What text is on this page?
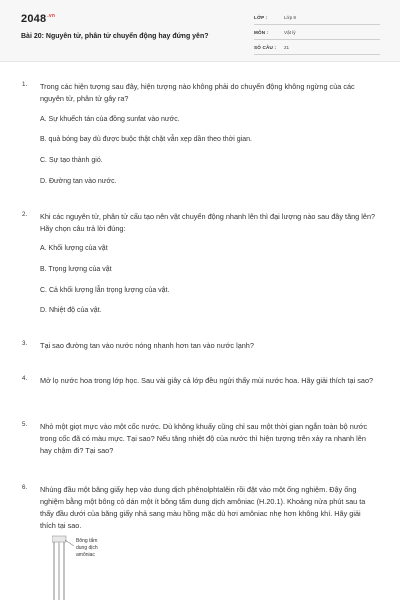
$2048^{.vn}$
Bài 20: Nguyên tử, phân tử chuyển động hay đứng yên?
LỚP :	Lớp 8
MÔN :	Vật lý
SỐ CÂU : 21
1. Trong các hiện tượng sau đây, hiện tượng nào không phải do chuyển động không ngừng của các nguyên tử, phân tử gây ra?
A. Sự khuếch tán của đồng sunfat vào nước.
B. quả bóng bay dù được buộc thật chặt vẫn xẹp dần theo thời gian.
C. Sự tạo thành gió.
D. Đường tan vào nước.
2. Khi các nguyên tử, phân tử cấu tạo nên vật chuyển động nhanh lên thì đại lượng nào sau đây tăng lên? Hãy chọn câu trả lời đúng:
A. Khối lượng của vật
B. Trọng lượng của vật
C. Cả khối lượng lẫn trọng lượng của vật.
D. Nhiệt độ của vật.
3. Tại sao đường tan vào nước nóng nhanh hơn tan vào nước lạnh?
4. Mở lọ nước hoa trong lớp học. Sau vài giây cả lớp đều ngửi thấy mùi nước hoa. Hãy giải thích tại sao?
5. Nhỏ một giọt mực vào một cốc nước. Dù không khuấy cũng chỉ sau một thời gian ngắn toàn bộ nước trong cốc đã có màu mực. Tại sao? Nếu tăng nhiệt độ của nước thì hiện tượng trên xảy ra nhanh lên hay chậm đi? Tại sao?
6. Nhúng đầu một băng giấy hẹp vào dung dịch phênolphtalêin rồi đặt vào một ống nghiệm. Đậy ống nghiệm bằng một bông cỏ dán một ít bông tẩm dung dịch amôniac (H.20.1). Khoảng nửa phút sau ta thấy đầu dưới của băng giấy nhả sang màu hồng mặc dù hơi amôniac nhẹ hơn không khí. Hãy giải thích tại sao.
Bông tẩm
dung dịch
amôniac
